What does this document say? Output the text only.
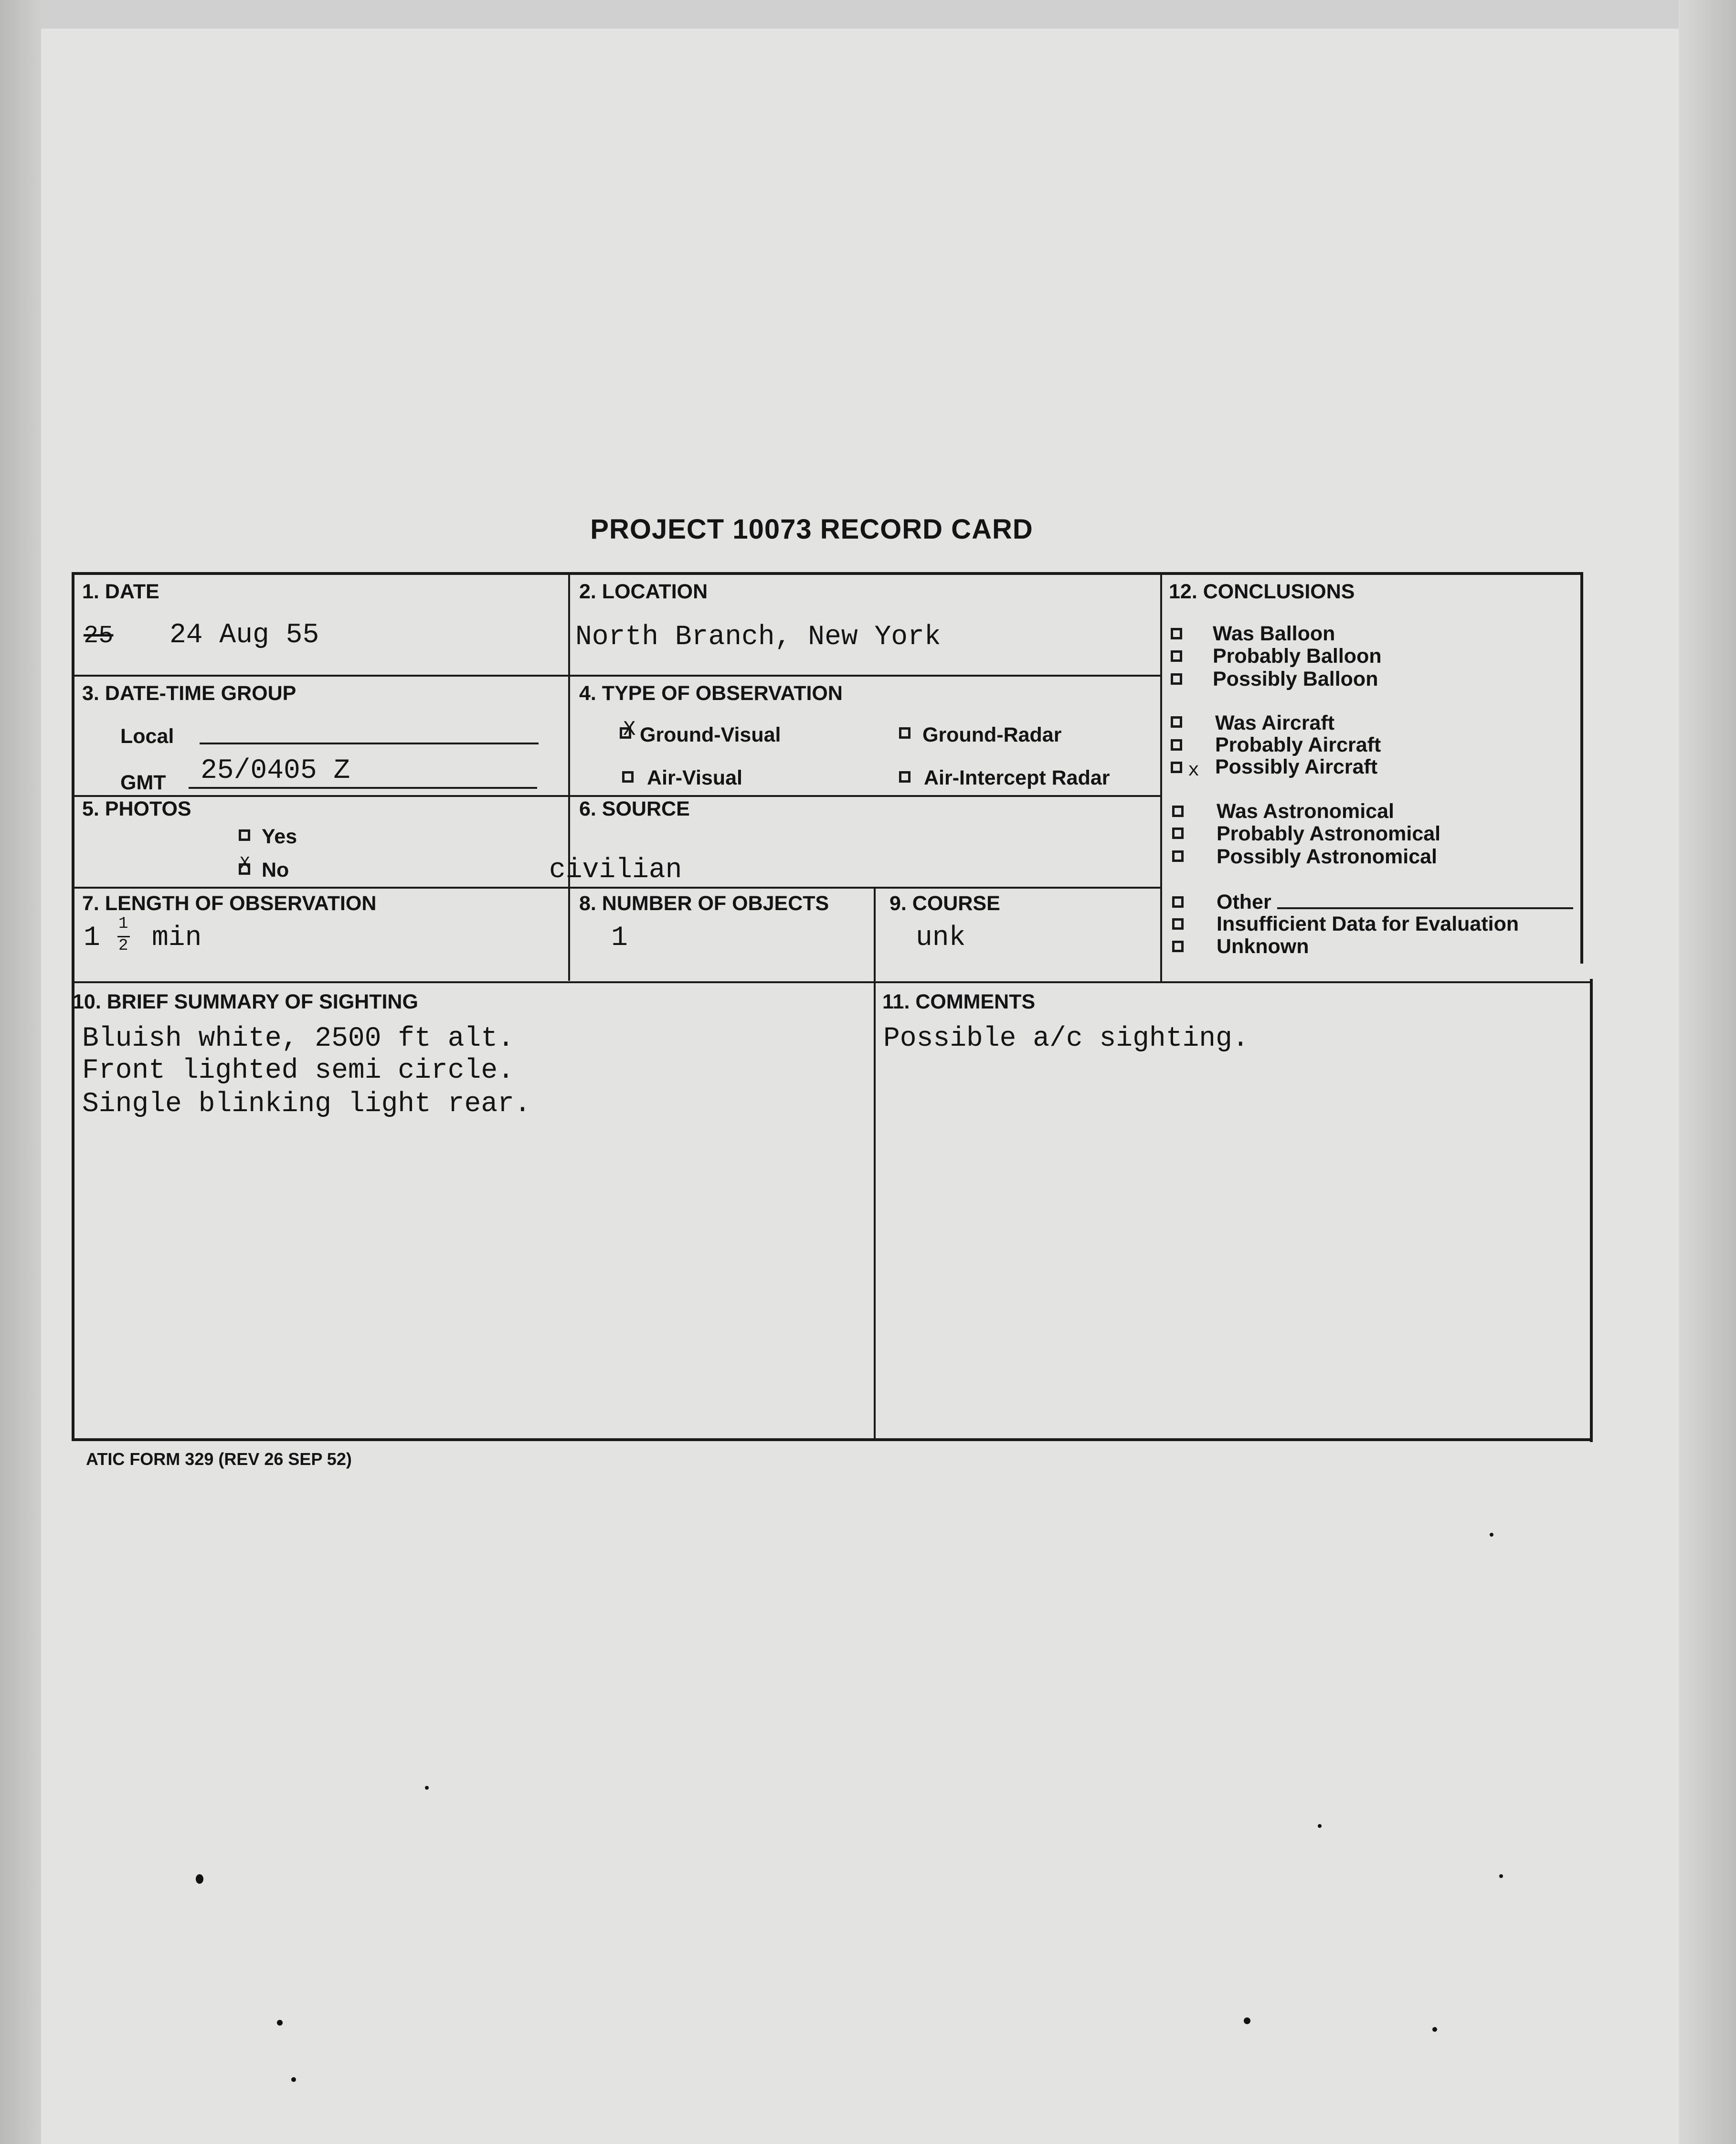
PROJECT 10073 RECORD CARD
1. DATE
25 24 Aug 55
2. LOCATION
North Branch, New York
3. DATE-TIME GROUP
Local
GMT 25/0405 Z
4. TYPE OF OBSERVATION
X Ground-Visual	Ground-Radar
Air-Visual	Air-Intercept Radar
5. PHOTOS
Yes
X No
6. SOURCE
civilian
7. LENGTH OF OBSERVATION
1 1
2 min
8. NUMBER OF OBJECTS
1
9. COURSE
unk
10. BRIEF SUMMARY OF SIGHTING
Bluish white, 2500 ft alt.
Front lighted semi circle.
Single blinking light rear.
11. COMMENTS
Possible a/c sighting.
12. CONCLUSIONS
Was Balloon
Probably Balloon
Possibly Balloon
Was Aircraft
Probably Aircraft
x Possibly Aircraft
Was Astronomical
Probably Astronomical
Possibly Astronomical
Other
Insufficient Data for Evaluation
Unknown
ATIC FORM 329 (REV 26 SEP 52)
